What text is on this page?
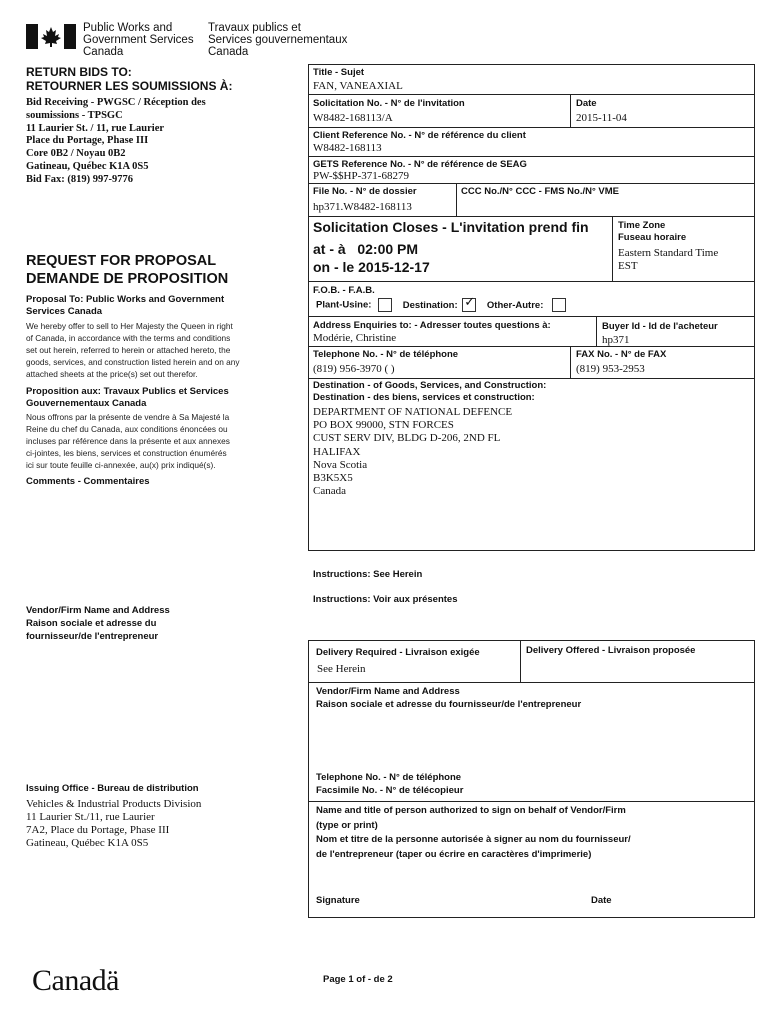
Public Works and
Government Services
Canada
Travaux publics et
Services gouvernementaux
Canada
RETURN BIDS TO:
RETOURNER LES SOUMISSIONS À:
Bid Receiving - PWGSC / Réception des
soumissions - TPSGC
11 Laurier St. / 11, rue Laurier
Place du Portage, Phase III
Core 0B2 / Noyau 0B2
Gatineau, Québec K1A 0S5
Bid Fax: (819) 997-9776
REQUEST FOR PROPOSAL
DEMANDE DE PROPOSITION
Proposal To: Public Works and Government
Services Canada
We hereby offer to sell to Her Majesty the Queen in right
of Canada, in accordance with the terms and conditions
set out herein, referred to herein or attached hereto, the
goods, services, and construction listed herein and on any
attached sheets at the price(s) set out therefor.
Proposition aux: Travaux Publics et Services
Gouvernementaux Canada
Nous offrons par la présente de vendre à Sa Majesté la
Reine du chef du Canada, aux conditions énoncées ou
incluses par référence dans la présente et aux annexes
ci-jointes, les biens, services et construction énumérés
ici sur toute feuille ci-annexée, au(x) prix indiqué(s).
Comments - Commentaires
Vendor/Firm Name and Address
Raison sociale et adresse du
fournisseur/de l'entrepreneur
Issuing Office - Bureau de distribution
Vehicles & Industrial Products Division
11 Laurier St./11, rue Laurier
7A2, Place du Portage, Phase III
Gatineau, Québec K1A 0S5
Title - Sujet
FAN, VANEAXIAL
Solicitation No. - N° de l'invitation
W8482-168113/A
Date
2015-11-04
Client Reference No. - N° de référence du client
W8482-168113
GETS Reference No. - N° de référence de SEAG
PW-$$HP-371-68279
File No. - N° de dossier
hp371.W8482-168113
CCC No./N° CCC - FMS No./N° VME
Solicitation Closes - L'invitation prend fin
at - à 02:00 PM
on - le 2015-12-17
Time Zone
Fuseau horaire
Eastern Standard Time
EST
F.O.B. - F.A.B.
Plant-Usine:	Destination: ✓ Other-Autre:
Address Enquiries to: - Adresser toutes questions à:
Modérie, Christine
Buyer Id - Id de l'acheteur
hp371
Telephone No. - N° de téléphone
(819) 956-3970 ( )
FAX No. - N° de FAX
(819) 953-2953
Destination - of Goods, Services, and Construction:
Destination - des biens, services et construction:
DEPARTMENT OF NATIONAL DEFENCE
PO BOX 99000, STN FORCES
CUST SERV DIV, BLDG D-206, 2ND FL
HALIFAX
Nova Scotia
B3K5X5
Canada
Instructions: See Herein
Instructions: Voir aux présentes
Delivery Required - Livraison exigée
See Herein
Delivery Offered - Livraison proposée
Vendor/Firm Name and Address
Raison sociale et adresse du fournisseur/de l'entrepreneur
Telephone No. - N° de téléphone
Facsimile No. - N° de télécopieur
Name and title of person authorized to sign on behalf of Vendor/Firm
(type or print)
Nom et titre de la personne autorisée à signer au nom du fournisseur/
de l'entrepreneur (taper ou écrire en caractères d'imprimerie)
Signature	Date
Canadä	Page 1 of - de 2
